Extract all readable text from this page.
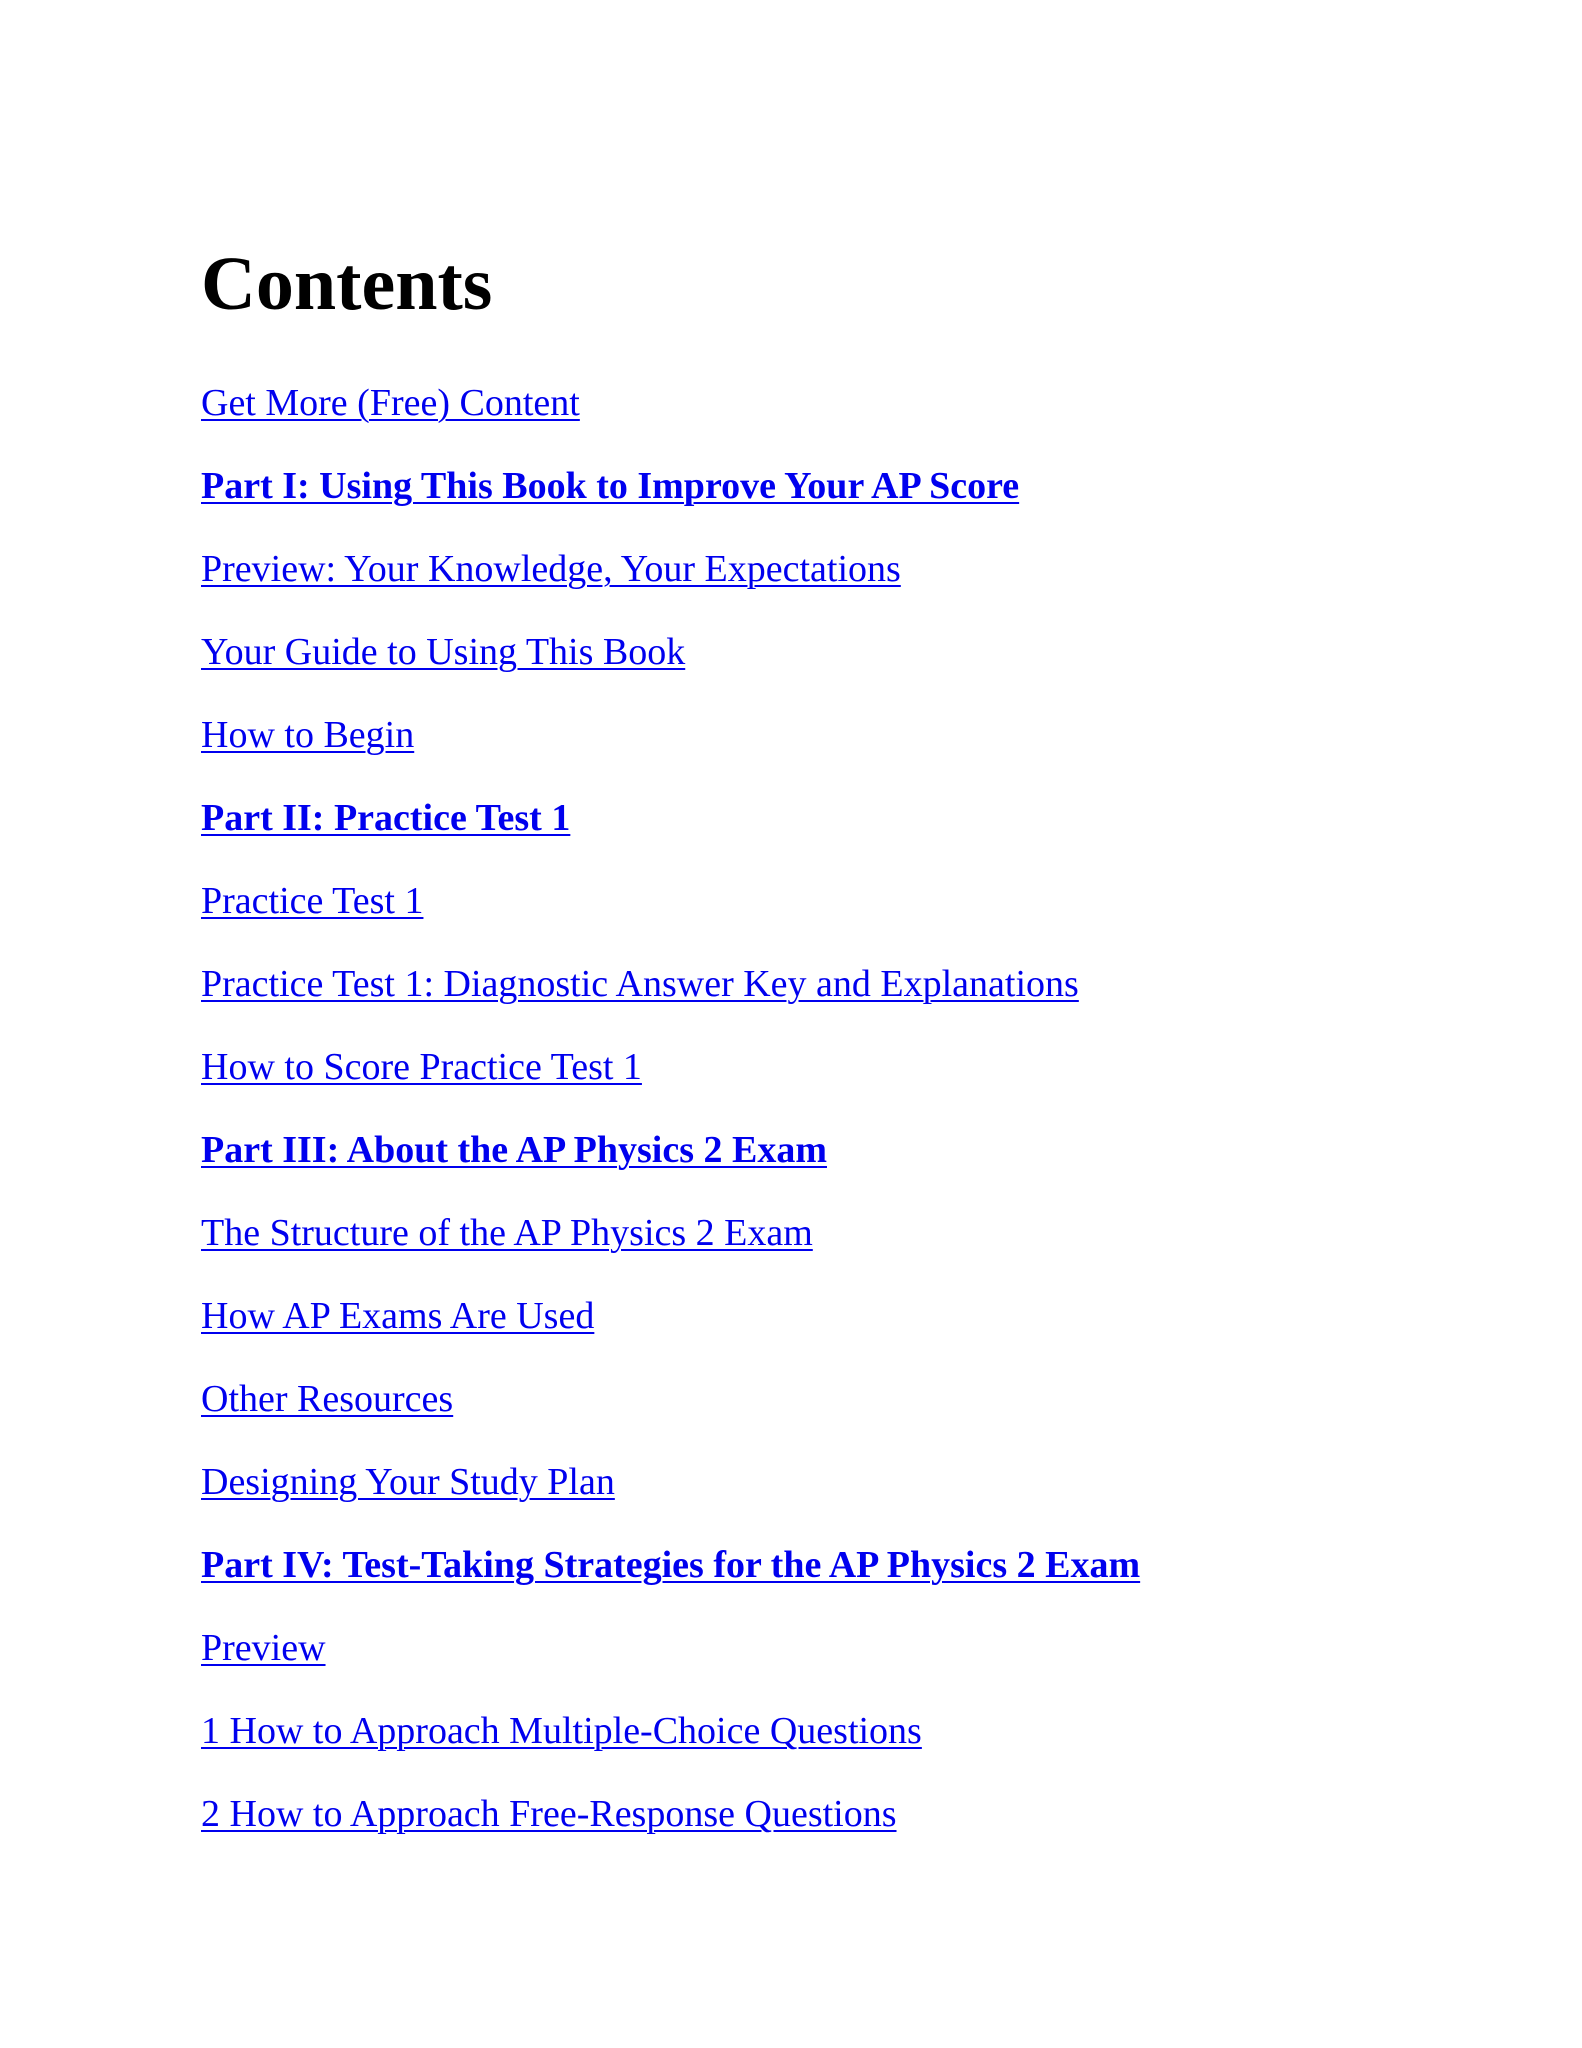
Contents
Get More (Free) Content
Part I: Using This Book to Improve Your AP Score
Preview: Your Knowledge, Your Expectations
Your Guide to Using This Book
How to Begin
Part II: Practice Test 1
Practice Test 1
Practice Test 1: Diagnostic Answer Key and Explanations
How to Score Practice Test 1
Part III: About the AP Physics 2 Exam
The Structure of the AP Physics 2 Exam
How AP Exams Are Used
Other Resources
Designing Your Study Plan
Part IV: Test-Taking Strategies for the AP Physics 2 Exam
Preview
1 How to Approach Multiple-Choice Questions
2 How to Approach Free-Response Questions
